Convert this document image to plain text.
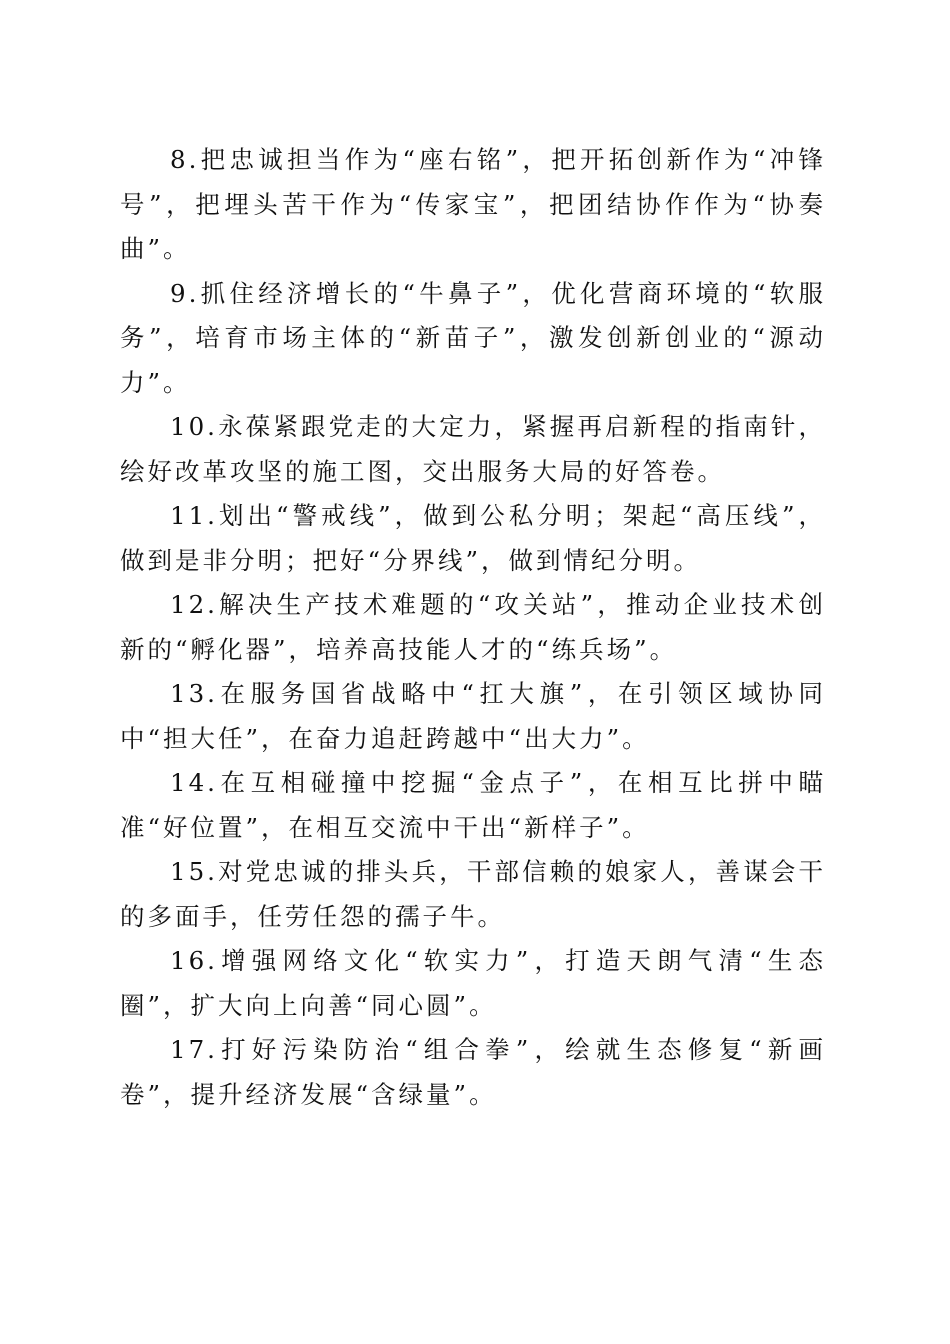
8.把忠诚担当作为“座右铭”，把开拓创新作为“冲锋号”，把埋头苦干作为“传家宝”，把团结协作作为“协奏曲”。

9.抓住经济增长的“牛鼻子”，优化营商环境的“软服务”，培育市场主体的“新苗子”，激发创新创业的“源动力”。

10.永葆紧跟党走的大定力，紧握再启新程的指南针，绘好改革攻坚的施工图，交出服务大局的好答卷。

11.划出“警戒线”，做到公私分明；架起“高压线”，做到是非分明；把好“分界线”，做到情纪分明。

12.解决生产技术难题的“攻关站”，推动企业技术创新的“孵化器”，培养高技能人才的“练兵场”。

13.在服务国省战略中“扛大旗”，在引领区域协同中“担大任”，在奋力追赶跨越中“出大力”。

14.在互相碰撞中挖掘“金点子”，在相互比拼中瞄准“好位置”，在相互交流中干出“新样子”。

15.对党忠诚的排头兵，干部信赖的娘家人，善谋会干的多面手，任劳任怨的孺子牛。

16.增强网络文化“软实力”，打造天朗气清“生态圈”，扩大向上向善“同心圆”。

17.打好污染防治“组合拳”，绘就生态修复“新画卷”，提升经济发展“含绿量”。
